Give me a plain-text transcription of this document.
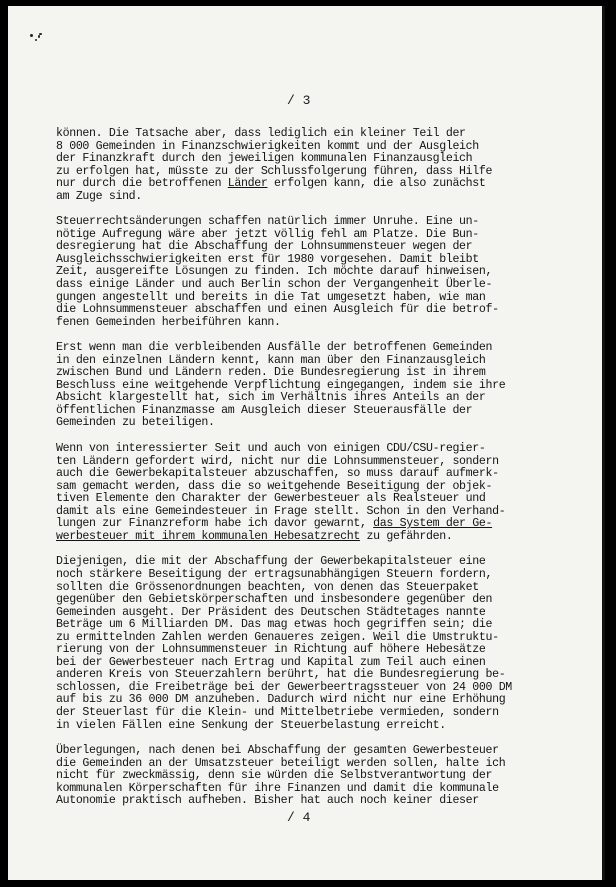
/ 3
können. Die Tatsache aber, dass lediglich ein kleiner Teil der
8 000 Gemeinden in Finanzschwierigkeiten kommt und der Ausgleich
der Finanzkraft durch den jeweiligen kommunalen Finanzausgleich
zu erfolgen hat, müsste zu der Schlussfolgerung führen, dass Hilfe
nur durch die betroffenen Länder erfolgen kann, die also zunächst
am Zuge sind.
Steuerrechtsänderungen schaffen natürlich immer Unruhe. Eine un-
nötige Aufregung wäre aber jetzt völlig fehl am Platze. Die Bun-
desregierung hat die Abschaffung der Lohnsummensteuer wegen der
Ausgleichsschwierigkeiten erst für 1980 vorgesehen. Damit bleibt
Zeit, ausgereifte Lösungen zu finden. Ich möchte darauf hinweisen,
dass einige Länder und auch Berlin schon der Vergangenheit Überle-
gungen angestellt und bereits in die Tat umgesetzt haben, wie man
die Lohnsummensteuer abschaffen und einen Ausgleich für die betrof-
fenen Gemeinden herbeiführen kann.
Erst wenn man die verbleibenden Ausfälle der betroffenen Gemeinden
in den einzelnen Ländern kennt, kann man über den Finanzausgleich
zwischen Bund und Ländern reden. Die Bundesregierung ist in ihrem
Beschluss eine weitgehende Verpflichtung eingegangen, indem sie ihre
Absicht klargestellt hat, sich im Verhältnis ihres Anteils an der
öffentlichen Finanzmasse am Ausgleich dieser Steuerausfälle der
Gemeinden zu beteiligen.
Wenn von interessierter Seit und auch von einigen CDU/CSU-regier-
ten Ländern gefordert wird, nicht nur die Lohnsummensteuer, sondern
auch die Gewerbekapitalsteuer abzuschaffen, so muss darauf aufmerk-
sam gemacht werden, dass die so weitgehende Beseitigung der objek-
tiven Elemente den Charakter der Gewerbesteuer als Realsteuer und
damit als eine Gemeindesteuer in Frage stellt. Schon in den Verhand-
lungen zur Finanzreform habe ich davor gewarnt, das System der Ge-
werbesteuer mit ihrem kommunalen Hebesatzrecht zu gefährden.
Diejenigen, die mit der Abschaffung der Gewerbekapitalsteuer eine
noch stärkere Beseitigung der ertragsunabhängigen Steuern fordern,
sollten die Grössenordnungen beachten, von denen das Steuerpaket
gegenüber den Gebietskörperschaften und insbesondere gegenüber den
Gemeinden ausgeht. Der Präsident des Deutschen Städtetages nannte
Beträge um 6 Milliarden DM. Das mag etwas hoch gegriffen sein; die
zu ermittelnden Zahlen werden Genaueres zeigen. Weil die Umstruktu-
rierung von der Lohnsummensteuer in Richtung auf höhere Hebesätze
bei der Gewerbesteuer nach Ertrag und Kapital zum Teil auch einen
anderen Kreis von Steuerzahlern berührt, hat die Bundesregierung be-
schlossen, die Freibeträge bei der Gewerbeertragssteuer von 24 000 DM
auf bis zu 36 000 DM anzuheben. Dadurch wird nicht nur eine Erhöhung
der Steuerlast für die Klein- und Mittelbetriebe vermieden, sondern
in vielen Fällen eine Senkung der Steuerbelastung erreicht.
Überlegungen, nach denen bei Abschaffung der gesamten Gewerbesteuer
die Gemeinden an der Umsatzsteuer beteiligt werden sollen, halte ich
nicht für zweckmässig, denn sie würden die Selbstverantwortung der
kommunalen Körperschaften für ihre Finanzen und damit die kommunale
Autonomie praktisch aufheben. Bisher hat auch noch keiner dieser
/ 4
